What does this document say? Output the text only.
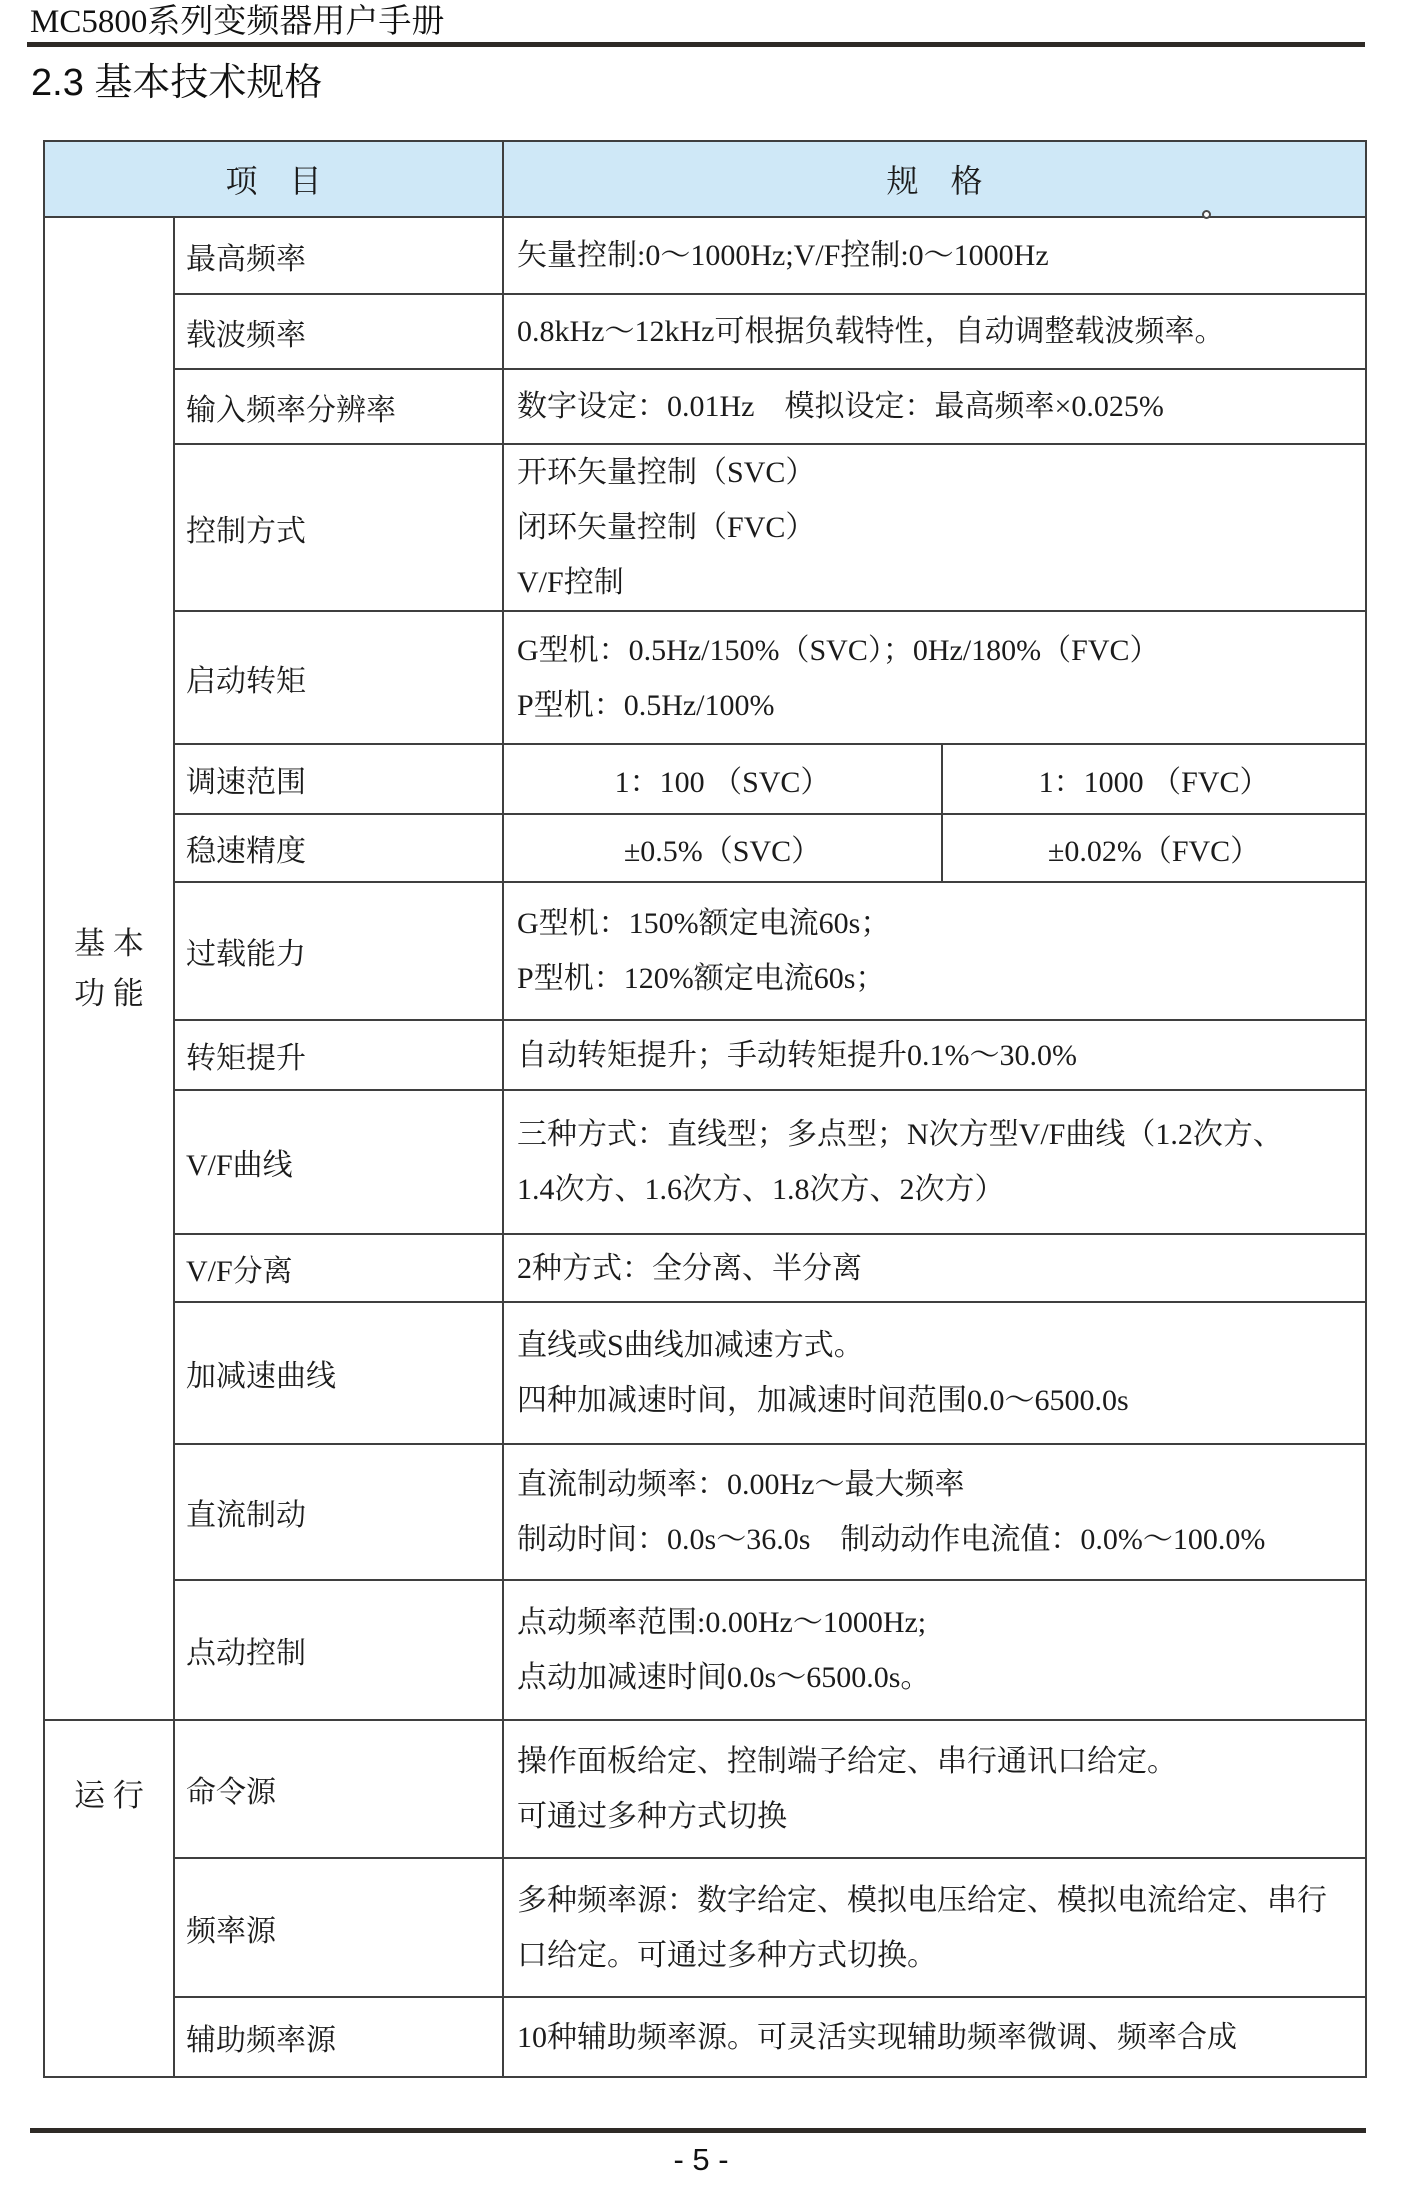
MC5800系列变频器用户手册
2.3 基本技术规格
项　目		规　格	

基 本
功 能	最高频率	矢量控制:0～1000Hz;V/F控制:0～1000Hz	

	载波频率	0.8kHz～12kHz可根据负载特性，自动调整载波频率。	

	输入频率分辨率	数字设定：0.01Hz　模拟设定：最高频率×0.025%	

	控制方式	开环矢量控制（SVC）
闭环矢量控制（FVC）
V/F控制	

	启动转矩	G型机：0.5Hz/150%（SVC）；0Hz/180%（FVC）
P型机：0.5Hz/100%	

	调速范围	1：100 （SVC）	1：1000 （FVC）
	稳速精度	±0.5%（SVC）	±0.02%（FVC）
	过载能力	G型机：150%额定电流60s；
P型机：120%额定电流60s；	

	转矩提升	自动转矩提升；手动转矩提升0.1%～30.0%	

	V/F曲线	三种方式：直线型；多点型；N次方型V/F曲线（1.2次方、
1.4次方、1.6次方、1.8次方、2次方）	

	V/F分离	2种方式：全分离、半分离	

	加减速曲线	直线或S曲线加减速方式。
四种加减速时间，加减速时间范围0.0～6500.0s	

	直流制动	直流制动频率：0.00Hz～最大频率
制动时间：0.0s～36.0s　制动动作电流值：0.0%～100.0%	

	点动控制	点动频率范围:0.00Hz～1000Hz;
点动加减速时间0.0s～6500.0s。	

运 行	命令源	操作面板给定、控制端子给定、串行通讯口给定。
可通过多种方式切换	

	频率源	多种频率源：数字给定、模拟电压给定、模拟电流给定、串行
口给定。可通过多种方式切换。	

	辅助频率源	10种辅助频率源。可灵活实现辅助频率微调、频率合成	
- 5 -
